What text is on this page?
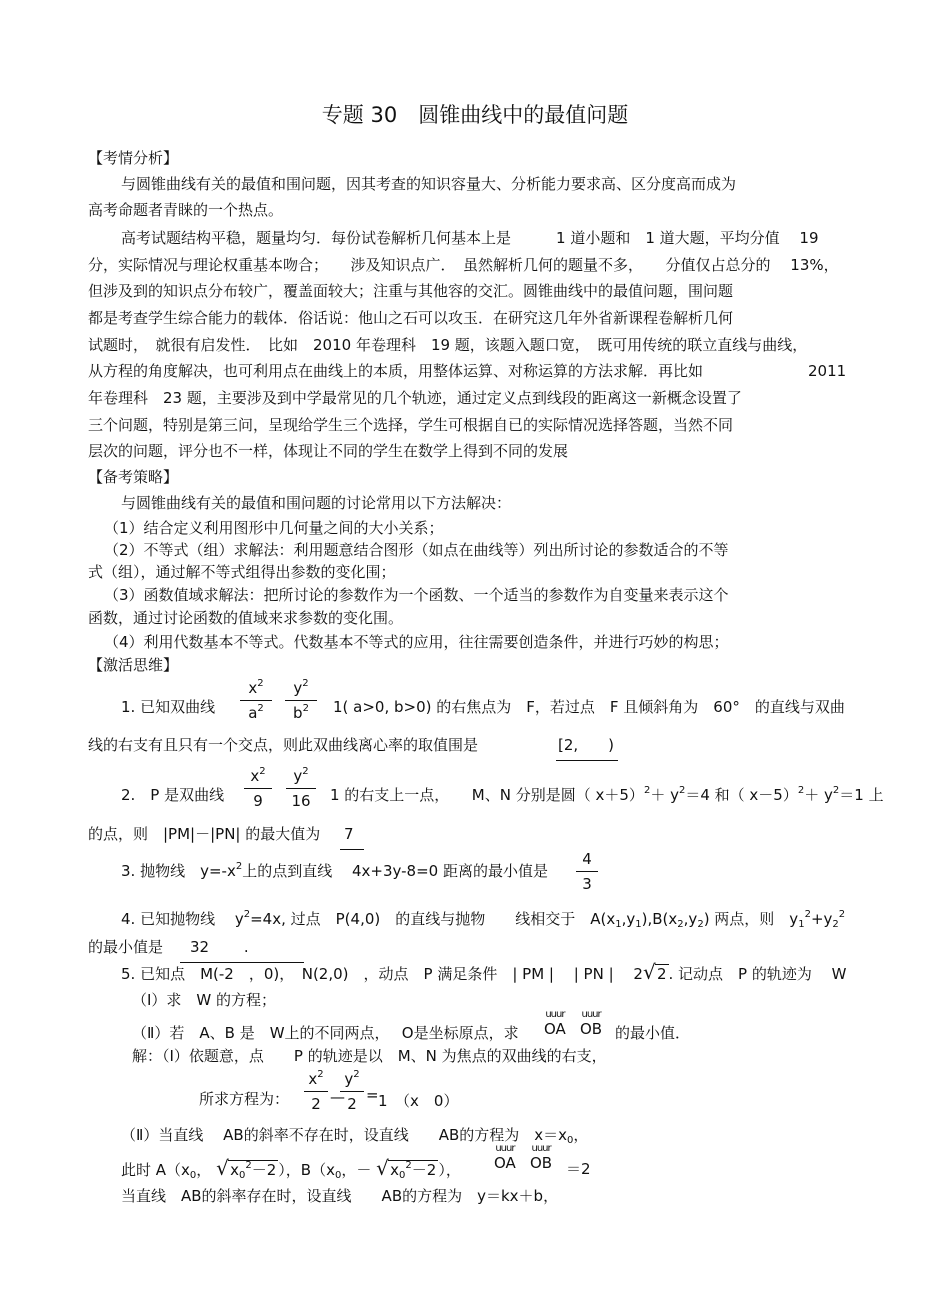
专题 30　圆锥曲线中的最值问题
【考情分析】
与圆锥曲线有关的最值和围问题，因其考查的知识容量大、分析能力要求高、区分度高而成为
高考命题者青睐的一个热点。
高考试题结构平稳，题量均匀．每份试卷解析几何基本上是　　　1 道小题和　1 道大题，平均分值　 19
分，实际情况与理论权重基本吻合；　　涉及知识点广．　虽然解析几何的题量不多，　　分值仅占总分的　 13%，
但涉及到的知识点分布较广，覆盖面较大；注重与其他容的交汇。圆锥曲线中的最值问题，围问题
都是考查学生综合能力的载体．俗话说：他山之石可以攻玉．在研究这几年外省新课程卷解析几何
试题时，　就很有启发性．　比如　2010 年卷理科　19 题，该题入题口宽，　既可用传统的联立直线与曲线，
从方程的角度解决，也可利用点在曲线上的本质，用整体运算、对称运算的方法求解．再比如　　　　　　　2011
年卷理科　23 题，主要涉及到中学最常见的几个轨迹，通过定义点到线段的距离这一新概念设置了
三个问题，特别是第三问，呈现给学生三个选择，学生可根据自已的实际情况选择答题，当然不同
层次的问题，评分也不一样，体现让不同的学生在数学上得到不同的发展
【备考策略】
与圆锥曲线有关的最值和围问题的讨论常用以下方法解决：
（1）结合定义利用图形中几何量之间的大小关系；
（2）不等式（组）求解法：利用题意结合图形（如点在曲线等）列出所讨论的参数适合的不等
式（组），通过解不等式组得出参数的变化围；
（3）函数值域求解法：把所讨论的参数作为一个函数、一个适当的参数作为自变量来表示这个
函数，通过讨论函数的值域来求参数的变化围。
（4）利用代数基本不等式。代数基本不等式的应用，往往需要创造条件，并进行巧妙的构思；
【激活思维】
1. 已知双曲线 $\frac{x^2}{a^2} \frac{y^2}{b^2} 1$( a>0, b>0) 的右焦点为　F，若过点　F 且倾斜角为　60°　的直线与双曲
线的右支有且只有一个交点，则此双曲线离心率的取值围是	[2,　　)
2.　P 是双曲线 $\frac{x^2}{9} \frac{y^2}{16} 1$ 的右支上一点，　　M、N 分别是圆（ $x+5)^2+ y^2=4$ 和（ $x-5)^2+ y^2=1$ 上
的点，则　|PM|－|PN| 的最大值为 7
3. 抛物线　$y=-x^2$上的点到直线　 4x+3y-8=0 距离的最小值是 $\frac{4}{3}$
4. 已知抛物线　 $y^2=4x$, 过点　P(4,0)　的直线与抛物　　线相交于　$A(x_1,y_1),B(x_2,y_2)$ 两点，则　$y_1^2+y_2^2$
的最小值是 32　　 .
5. 已知点　M(-2　，0)，　N(2,0)　，动点　P 满足条件　| PM |　 | PN |　 2 √ 2 . 记动点　P 的轨迹为　 W
（Ⅰ）求　W 的方程；
（Ⅱ）若　A、B 是　W上的不同两点，　 O是坐标原点，求
uuur
OA
uuur
OB 的最小值．
解：（Ⅰ）依题意，点　　P 的轨迹是以　M、N 为焦点的双曲线的右支，
所求方程为： $\frac{x^2}{2}$ —
$\frac{y^2}{2} = 1$　（x　0）
（Ⅱ）当直线　 AB的斜率不存在时，设直线　　AB的方程为　$x=x_0$，
此时 $A(x_0$， √ $x_0^2-2$ ），$B(x_0$，－ √ $x_0^2-2$ ），
uuur
OA
uuur
OB ＝2
当直线　AB的斜率存在时，设直线　　AB的方程为　y＝kx＋b，
